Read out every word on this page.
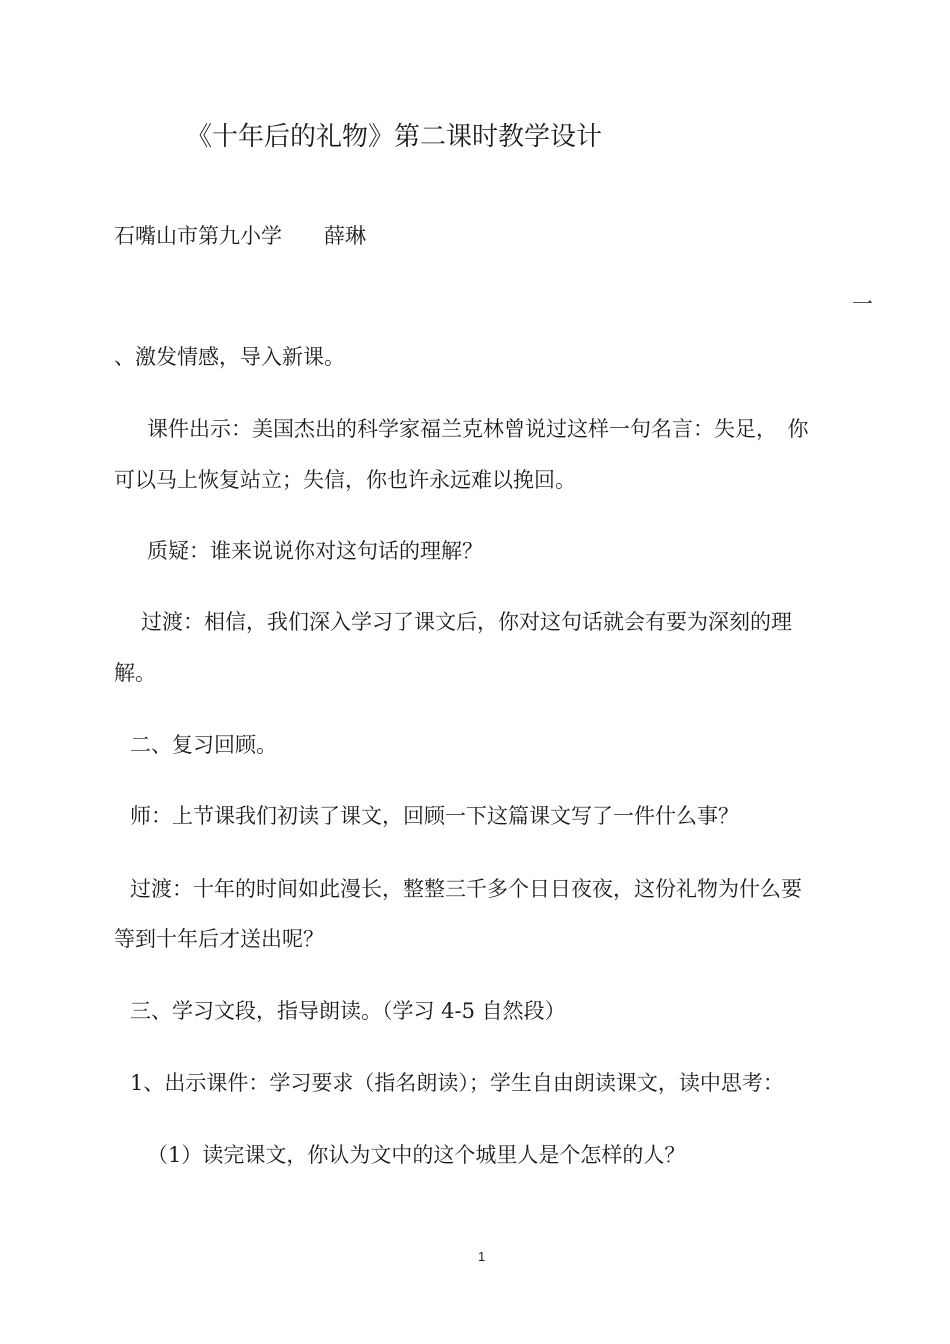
《十年后的礼物》第二课时教学设计
石嘴山市第九小学　　薛琳
一
、激发情感，导入新课。
课件出示：美国杰出的科学家福兰克林曾说过这样一句名言：失足，　你
可以马上恢复站立；失信，你也许永远难以挽回。
质疑：谁来说说你对这句话的理解？
过渡：相信，我们深入学习了课文后，你对这句话就会有要为深刻的理
解。
二、复习回顾。
师：上节课我们初读了课文，回顾一下这篇课文写了一件什么事？
过渡：十年的时间如此漫长，整整三千多个日日夜夜，这份礼物为什么要
等到十年后才送出呢？
三、学习文段，指导朗读。（学习 4-5 自然段）
1、出示课件：学习要求（指名朗读）；学生自由朗读课文，读中思考：
（1）读完课文，你认为文中的这个城里人是个怎样的人？
1
